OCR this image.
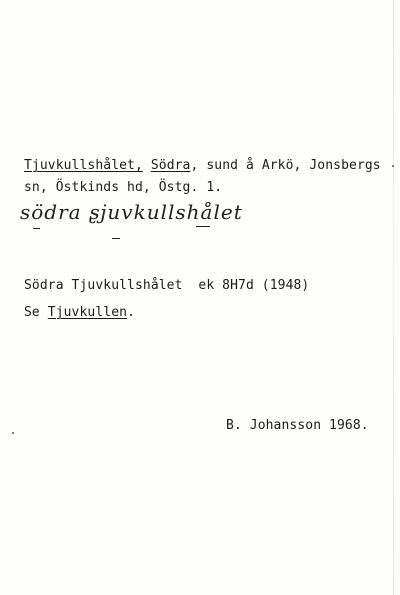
Tjuvkullshålet, Södra, sund å Arkö, Jonsbergs
sn, Östkinds hd, Östg. 1.
södra ʂjuvkullshålet
Södra Tjuvkullshålet  ek 8H7d (1948)
Se Tjuvkullen.
B. Johansson 1968.
